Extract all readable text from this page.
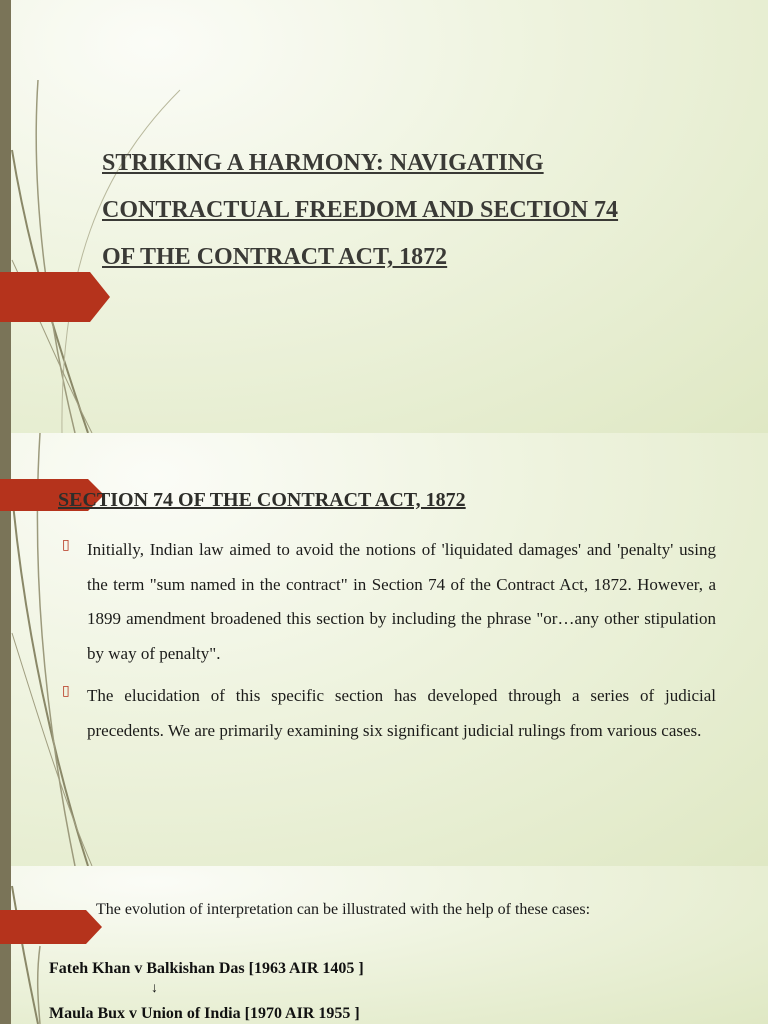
STRIKING A HARMONY: NAVIGATING
CONTRACTUAL FREEDOM AND SECTION 74
OF THE CONTRACT ACT, 1872
SECTION 74 OF THE CONTRACT ACT, 1872
▯ Initially, Indian law aimed to avoid the notions of 'liquidated damages' and 'penalty' using the term "sum named in the contract" in Section 74 of the Contract Act, 1872. However, a 1899 amendment broadened this section by including the phrase "or…any other stipulation by way of penalty".
▯ The elucidation of this specific section has developed through a series of judicial precedents. We are primarily examining six significant judicial rulings from various cases.

The evolution of interpretation can be illustrated with the help of these cases:

Fateh Khan v Balkishan Das [1963 AIR 1405 ]

↓

Maula Bux v Union of India [1970 AIR 1955 ]
